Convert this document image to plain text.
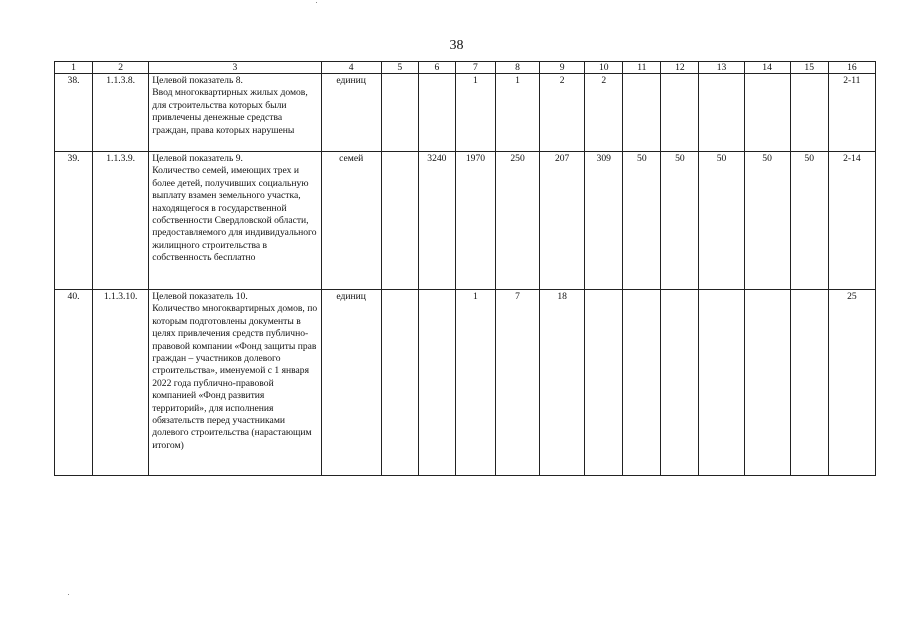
38
1	2	3	4	5	6	7	8	9	10	11	12	13	14	15	16
38.	1.1.3.8.	Целевой показатель 8.
Ввод многоквартирных жилых домов, для строительства которых были привлечены денежные средства граждан, права которых нарушены	единиц			1	1	2	2						2-11
39.	1.1.3.9.	Целевой показатель 9.
Количество семей, имеющих трех и более детей, получивших социальную выплату взамен земельного участка, находящегося в государственной собственности Свердловской области, предоставляемого для индивидуального жилищного строительства в собственность бесплатно	семей		3240	1970	250	207	309	50	50	50	50	50	2-14
40.	1.1.3.10.	Целевой показатель 10.
Количество многоквартирных домов, по которым подготовлены документы в целях привлечения средств публично-правовой компании «Фонд защиты прав граждан – участников долевого строительства», именуемой с 1 января 2022 года публично-правовой компанией «Фонд развития территорий», для исполнения обязательств перед участниками долевого строительства (нарастающим итогом)	единиц			1	7	18							25
